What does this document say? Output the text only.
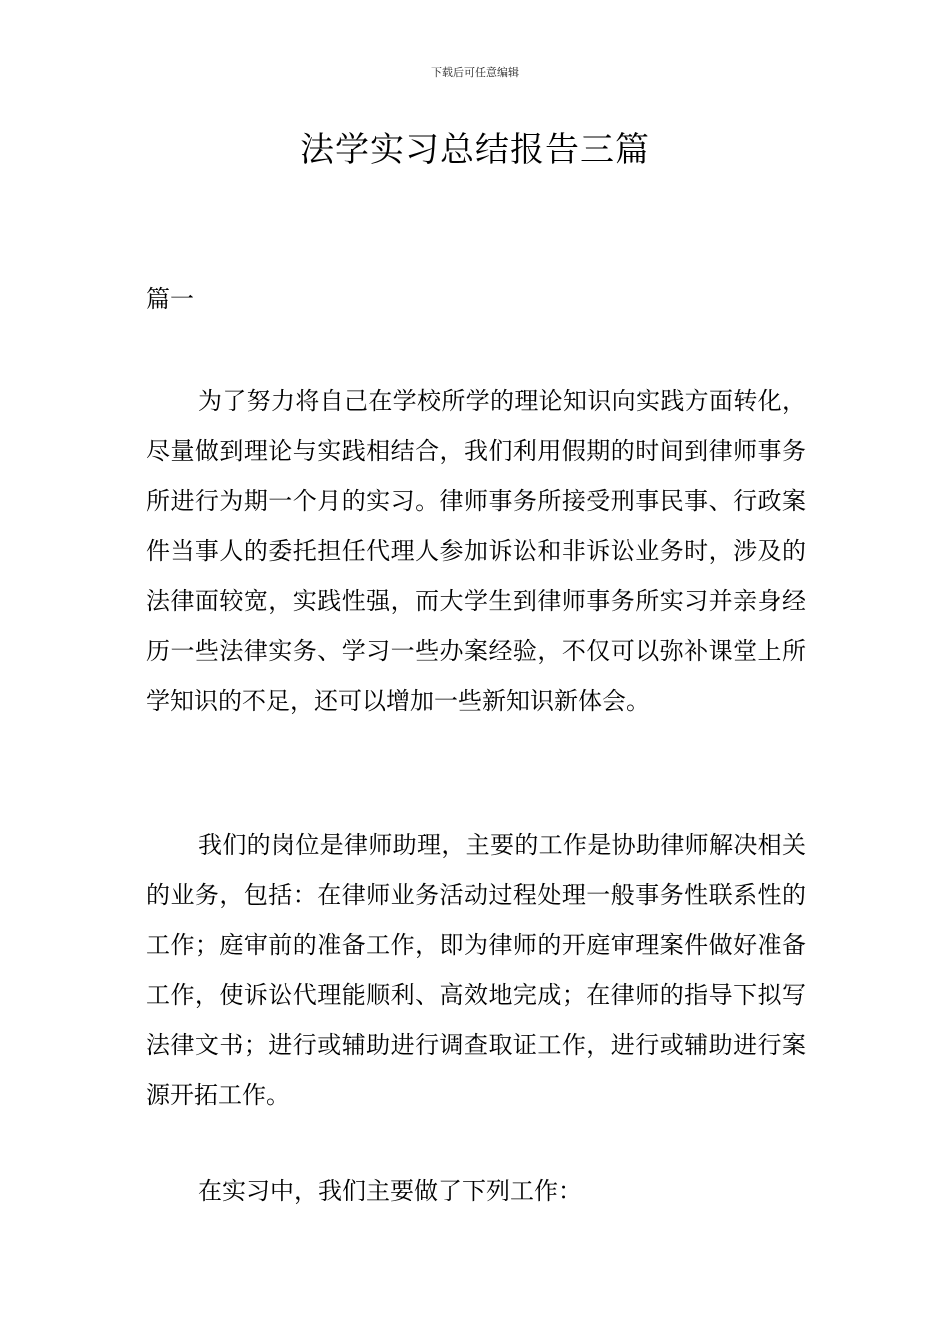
下载后可任意编辑
法学实习总结报告三篇
篇一

为了努力将自己在学校所学的理论知识向实践方面转化，尽量做到理论与实践相结合，我们利用假期的时间到律师事务所进行为期一个月的实习。律师事务所接受刑事民事、行政案件当事人的委托担任代理人参加诉讼和非诉讼业务时，涉及的法律面较宽，实践性强，而大学生到律师事务所实习并亲身经历一些法律实务、学习一些办案经验，不仅可以弥补课堂上所学知识的不足，还可以增加一些新知识新体会。

我们的岗位是律师助理，主要的工作是协助律师解决相关的业务，包括：在律师业务活动过程处理一般事务性联系性的工作；庭审前的准备工作，即为律师的开庭审理案件做好准备工作，使诉讼代理能顺利、高效地完成；在律师的指导下拟写法律文书；进行或辅助进行调查取证工作，进行或辅助进行案源开拓工作。

在实习中，我们主要做了下列工作：
